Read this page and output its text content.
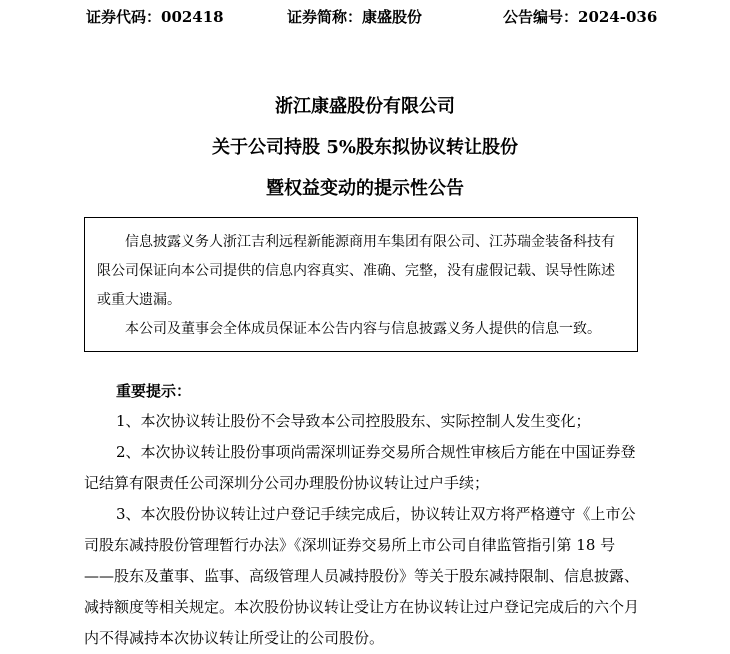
证券代码：002418	证券简称：康盛股份	公告编号：2024-036
浙江康盛股份有限公司
关于公司持股 5%股东拟协议转让股份
暨权益变动的提示性公告

信息披露义务人浙江吉利远程新能源商用车集团有限公司、江苏瑞金装备科技有限公司保证向本公司提供的信息内容真实、准确、完整，没有虚假记载、误导性陈述或重大遗漏。

本公司及董事会全体成员保证本公告内容与信息披露义务人提供的信息一致。

重要提示：

1、本次协议转让股份不会导致本公司控股股东、实际控制人发生变化；

2、本次协议转让股份事项尚需深圳证券交易所合规性审核后方能在中国证券登记结算有限责任公司深圳分公司办理股份协议转让过户手续；

3、本次股份协议转让过户登记手续完成后，协议转让双方将严格遵守《上市公司股东减持股份管理暂行办法》《深圳证券交易所上市公司自律监管指引第 18 号——股东及董事、监事、高级管理人员减持股份》等关于股东减持限制、信息披露、减持额度等相关规定。本次股份协议转让受让方在协议转让过户登记完成后的六个月内不得减持本次协议转让所受让的公司股份。
